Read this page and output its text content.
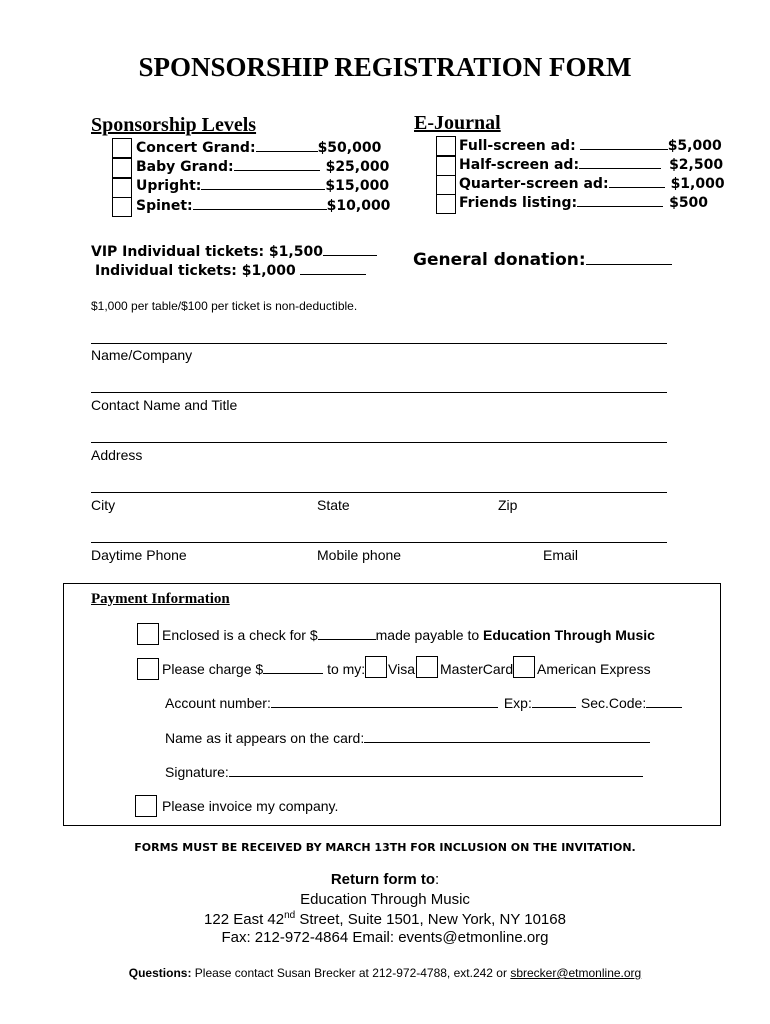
SPONSORSHIP REGISTRATION FORM
Sponsorship Levels
Concert Grand:	$50,000
Baby Grand:	$25,000
Upright:	$15,000
Spinet:	$10,000
E-Journal
Full-screen ad:	$5,000
Half-screen ad:	$2,500
Quarter-screen ad:	$1,000
Friends listing:	$500
VIP Individual tickets: $1,500
Individual tickets: $1,000
General donation:
$1,000 per table/$100 per ticket is non-deductible.
Name/Company
Contact Name and Title
Address
City	State	Zip
Daytime Phone	Mobile phone	Email
Payment Information
Enclosed is a check for $	made payable to Education Through Music
Please charge $	to my: Visa MasterCard American Express
Account number:	Exp:	Sec.Code:
Name as it appears on the card:
Signature:
Please invoice my company.
FORMS MUST BE RECEIVED BY MARCH 13TH FOR INCLUSION ON THE INVITATION.
Return form to:
Education Through Music
122 East 42nd Street, Suite 1501, New York, NY 10168
Fax: 212-972-4864 Email: events@etmonline.org
Questions: Please contact Susan Brecker at 212-972-4788, ext.242 or sbrecker@etmonline.org
